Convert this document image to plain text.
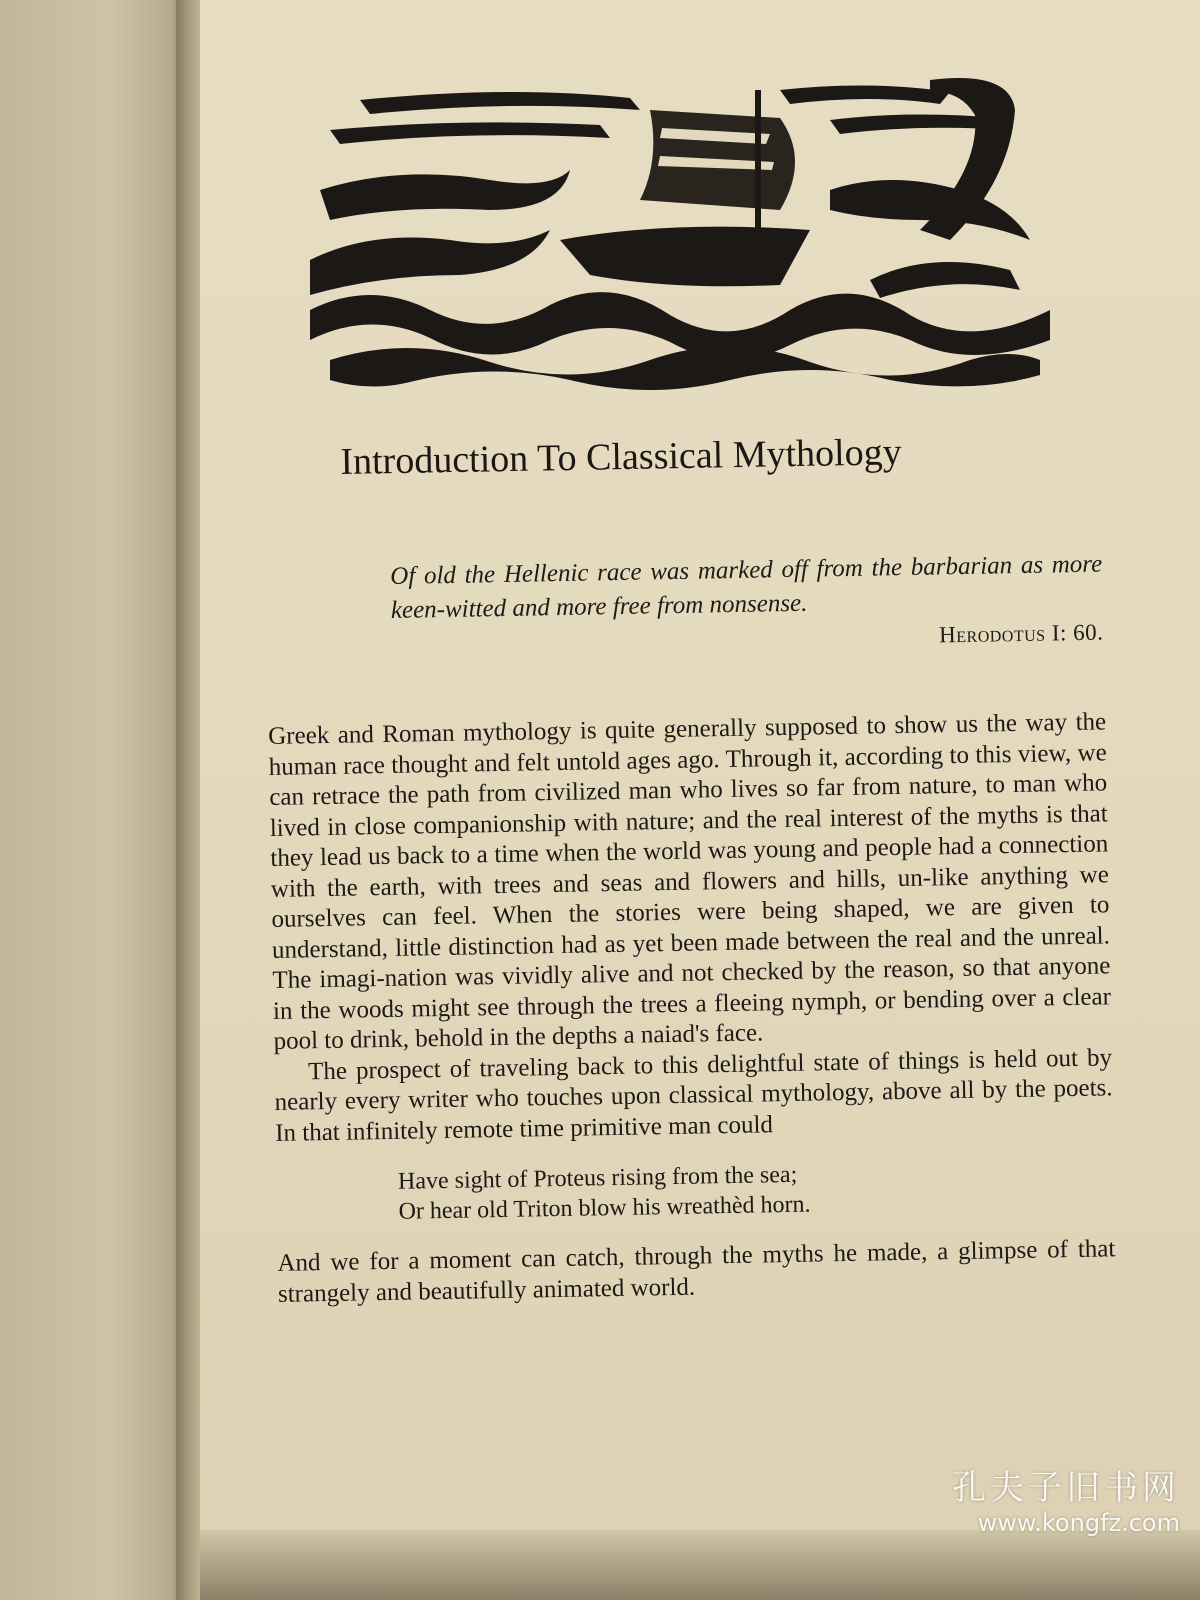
Introduction To Classical Mythology

Of old the Hellenic race was marked off from the barbarian as more keen-witted and more free from nonsense.

Herodotus I: 60.

Greek and Roman mythology is quite generally supposed to show us the way the human race thought and felt untold ages ago. Through it, according to this view, we can retrace the path from civilized man who lives so far from nature, to man who lived in close companionship with nature; and the real interest of the myths is that they lead us back to a time when the world was young and people had a connection with the earth, with trees and seas and flowers and hills, un-like anything we ourselves can feel. When the stories were being shaped, we are given to understand, little distinction had as yet been made between the real and the unreal. The imagi-nation was vividly alive and not checked by the reason, so that anyone in the woods might see through the trees a fleeing nymph, or bending over a clear pool to drink, behold in the depths a naiad's face.

The prospect of traveling back to this delightful state of things is held out by nearly every writer who touches upon classical mythology, above all by the poets. In that infinitely remote time primitive man could

Have sight of Proteus rising from the sea;
Or hear old Triton blow his wreathèd horn.

And we for a moment can catch, through the myths he made, a glimpse of that strangely and beautifully animated world.

孔夫子旧书网
www.kongfz.com
